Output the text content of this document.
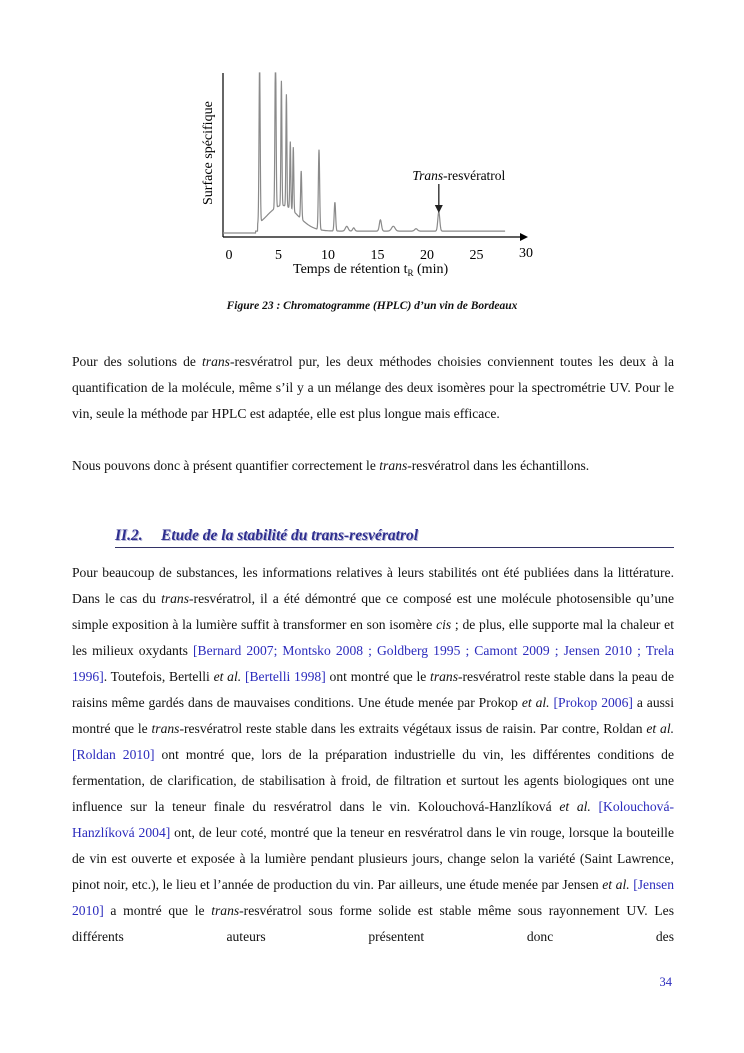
Surface spécifique
0	5	10	15	20	25	30
Temps de rétention $t_R$ (min)
Trans-resvératrol
Figure 23 : Chromatogramme (HPLC) d’un vin de Bordeaux

Pour des solutions de trans-resvératrol pur, les deux méthodes choisies conviennent toutes les deux à la quantification de la molécule, même s’il y a un mélange des deux isomères pour la spectrométrie UV. Pour le vin, seule la méthode par HPLC est adaptée, elle est plus longue mais efficace.

Nous pouvons donc à présent quantifier correctement le trans-resvératrol dans les échantillons.

II.2. Etude de la stabilité du trans-resvératrol

Pour beaucoup de substances, les informations relatives à leurs stabilités ont été publiées dans la littérature. Dans le cas du trans-resvératrol, il a été démontré que ce composé est une molécule photosensible qu’une simple exposition à la lumière suffit à transformer en son isomère cis ; de plus, elle supporte mal la chaleur et les milieux oxydants [Bernard 2007; Montsko 2008 ; Goldberg 1995 ; Camont 2009 ; Jensen 2010 ; Trela 1996]. Toutefois, Bertelli et al. [Bertelli 1998] ont montré que le trans-resvératrol reste stable dans la peau de raisins même gardés dans de mauvaises conditions. Une étude menée par Prokop et al. [Prokop 2006] a aussi montré que le trans-resvératrol reste stable dans les extraits végétaux issus de raisin. Par contre, Roldan et al. [Roldan 2010] ont montré que, lors de la préparation industrielle du vin, les différentes conditions de fermentation, de clarification, de stabilisation à froid, de filtration et surtout les agents biologiques ont une influence sur la teneur finale du resvératrol dans le vin. Kolouchová-Hanzlíková et al. [Kolouchová-Hanzlíková 2004] ont, de leur coté, montré que la teneur en resvératrol dans le vin rouge, lorsque la bouteille de vin est ouverte et exposée à la lumière pendant plusieurs jours, change selon la variété (Saint Lawrence, pinot noir, etc.), le lieu et l’année de production du vin. Par ailleurs, une étude menée par Jensen et al. [Jensen 2010] a montré que le trans-resvératrol sous forme solide est stable même sous rayonnement UV. Les différents auteurs présentent donc des

34
